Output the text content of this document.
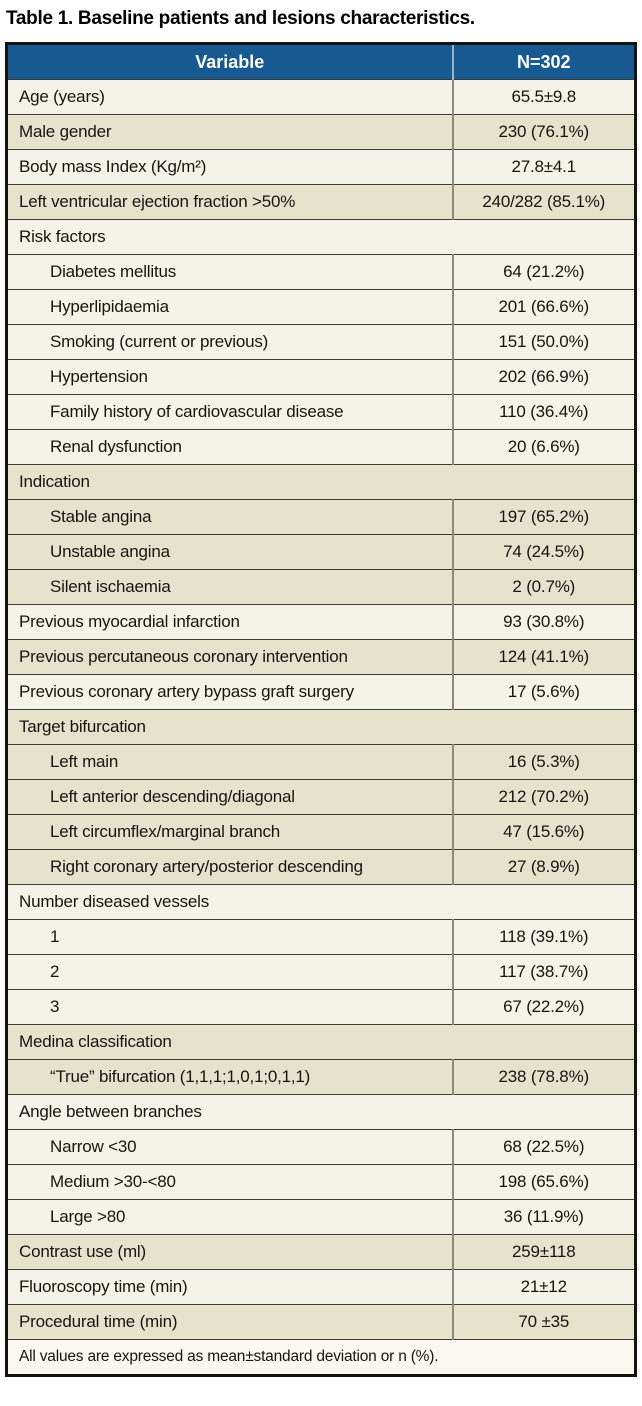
Table 1. Baseline patients and lesions characteristics.
Variable	N=302
Age (years)	65.5±9.8
Male gender	230 (76.1%)
Body mass Index (Kg/m²)	27.8±4.1
Left ventricular ejection fraction >50%	240/282 (85.1%)
Risk factors	
Diabetes mellitus	64 (21.2%)
Hyperlipidaemia	201 (66.6%)
Smoking (current or previous)	151 (50.0%)
Hypertension	202 (66.9%)
Family history of cardiovascular disease	110 (36.4%)
Renal dysfunction	20 (6.6%)
Indication	
Stable angina	197 (65.2%)
Unstable angina	74 (24.5%)
Silent ischaemia	2 (0.7%)
Previous myocardial infarction	93 (30.8%)
Previous percutaneous coronary intervention	124 (41.1%)
Previous coronary artery bypass graft surgery	17 (5.6%)
Target bifurcation	
Left main	16 (5.3%)
Left anterior descending/diagonal	212 (70.2%)
Left circumflex/marginal branch	47 (15.6%)
Right coronary artery/posterior descending	27 (8.9%)
Number diseased vessels	
1	118 (39.1%)
2	117 (38.7%)
3	67 (22.2%)
Medina classification	
“True” bifurcation (1,1,1;1,0,1;0,1,1)	238 (78.8%)
Angle between branches	
Narrow <30	68 (22.5%)
Medium >30-<80	198 (65.6%)
Large >80	36 (11.9%)
Contrast use (ml)	259±118
Fluoroscopy time (min)	21±12
Procedural time (min)	70 ±35
All values are expressed as mean±standard deviation or n (%).	
